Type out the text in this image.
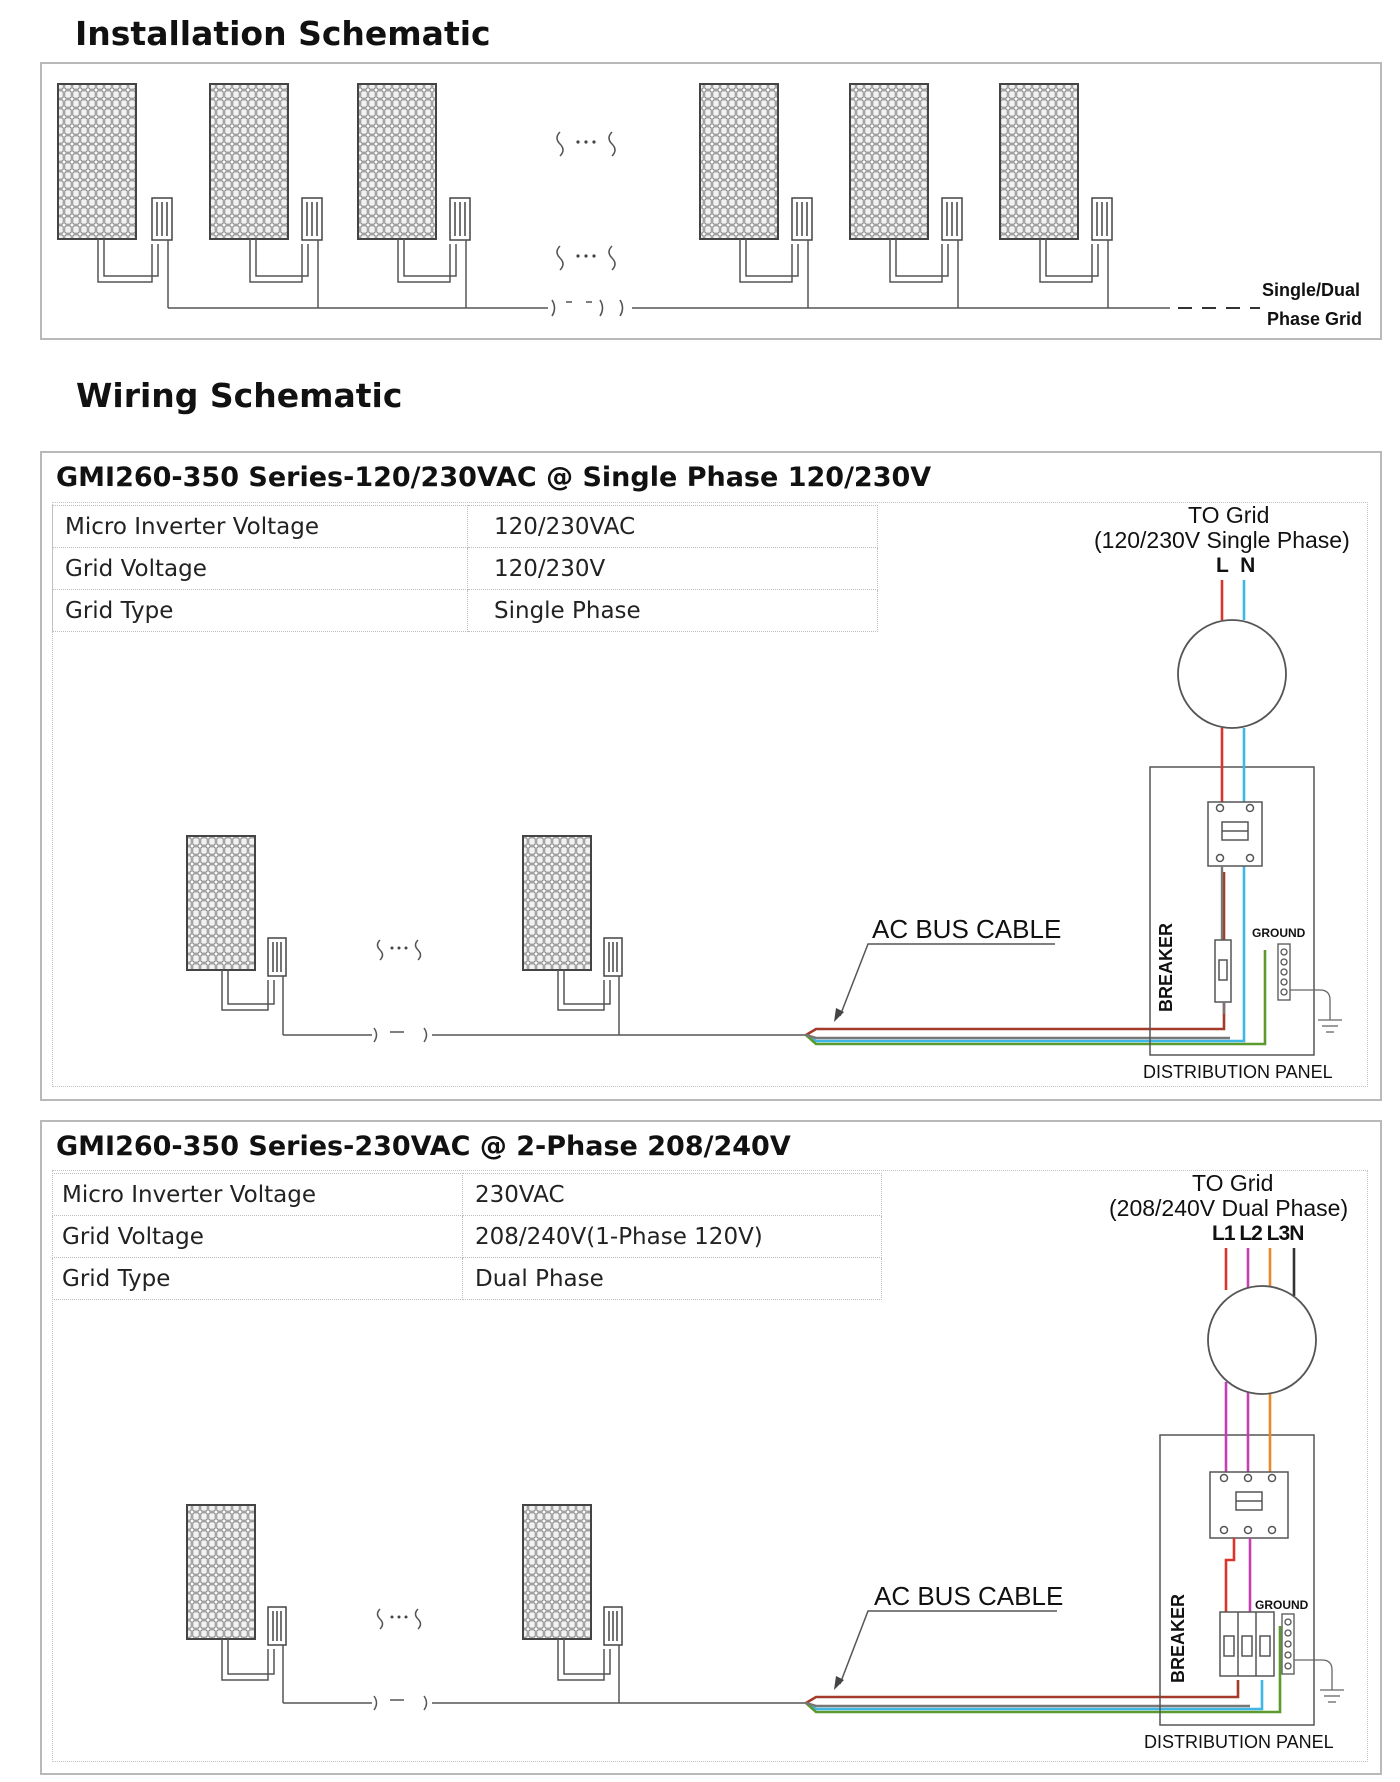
Installation Schematic
Single/Dual
Phase Grid
Wiring Schematic
GMI260-350 Series-120/230VAC @ Single Phase 120/230V
Micro Inverter Voltage	120/230VAC
Grid Voltage	120/230V
Grid Type	Single Phase
TO Grid
(120/230V Single Phase)
L  N
AC BUS CABLE	BREAKER	GROUND
DISTRIBUTION PANEL
GMI260-350 Series-230VAC @ 2-Phase 208/240V
Micro Inverter Voltage	230VAC
Grid Voltage	208/240V(1-Phase 120V)
Grid Type	Dual Phase
TO Grid
(208/240V Dual Phase)
L1 L2 L3N
AC BUS CABLE	BREAKER	GROUND
DISTRIBUTION PANEL
